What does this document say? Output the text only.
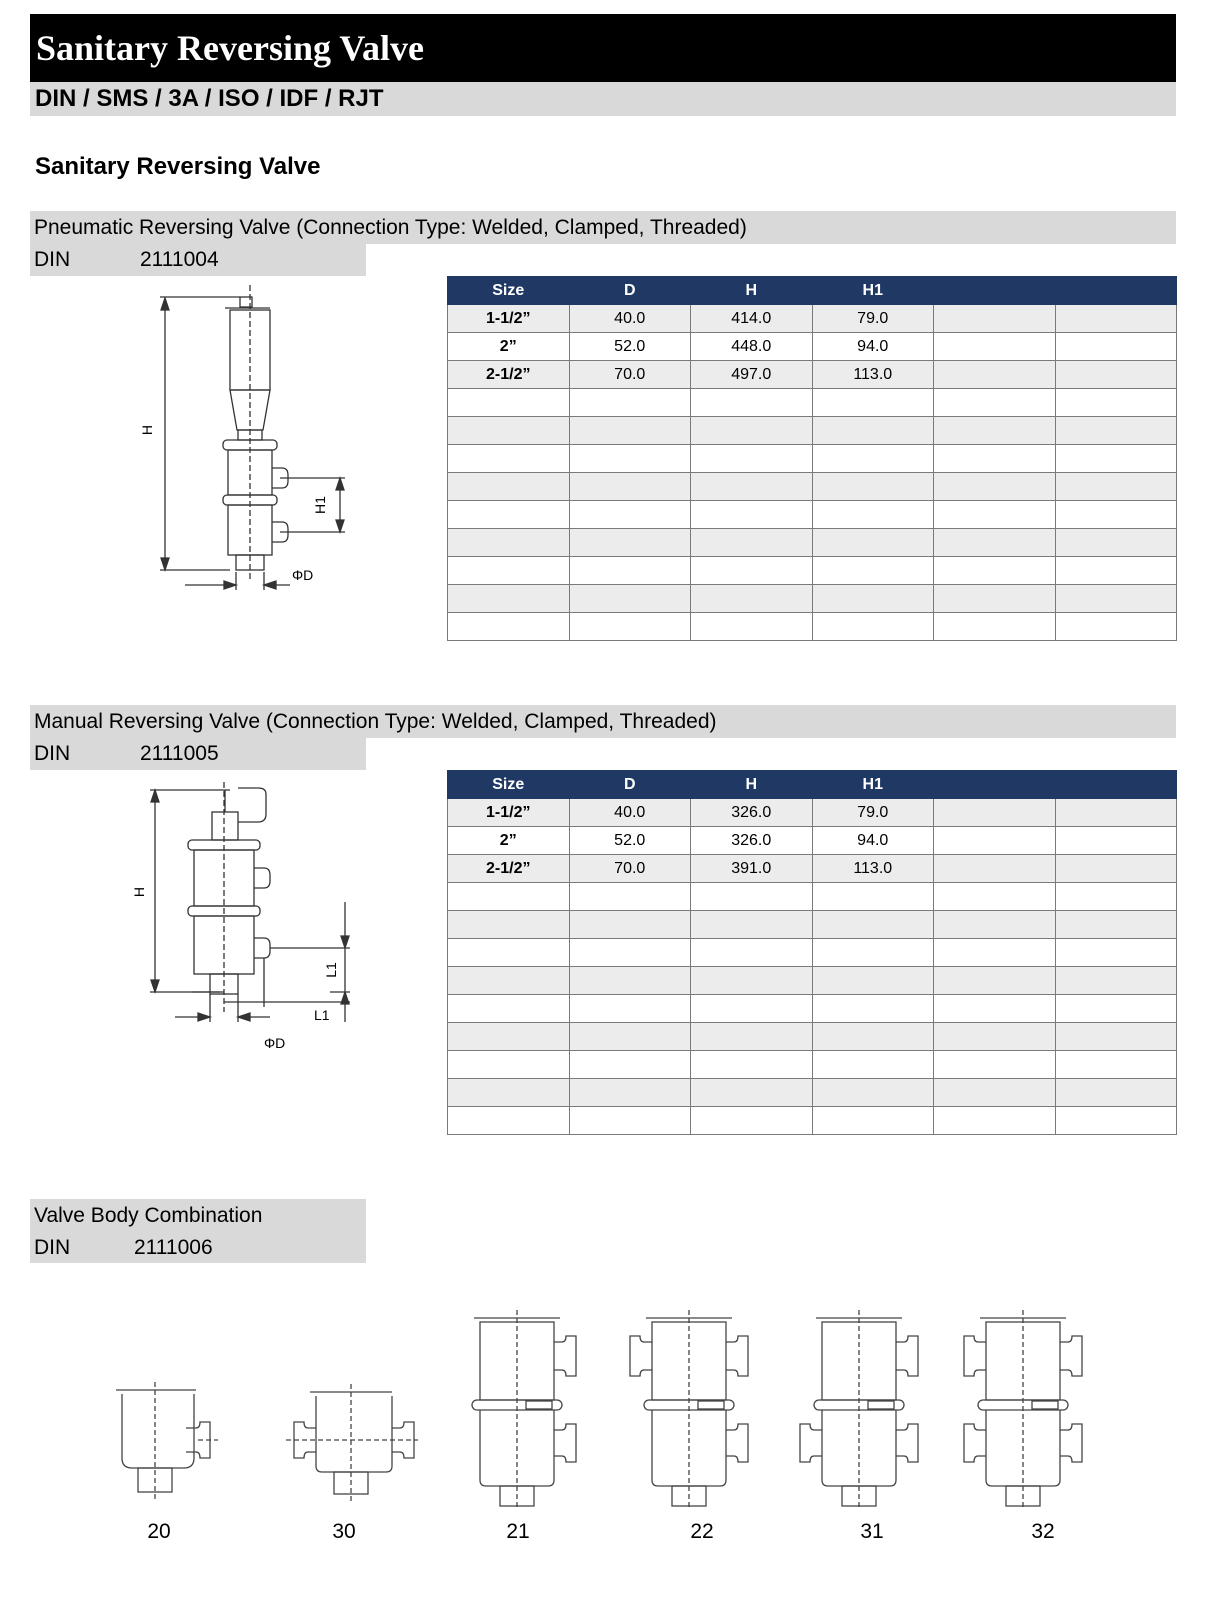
Sanitary Reversing Valve
DIN / SMS / 3A / ISO / IDF / RJT
Sanitary Reversing Valve
Pneumatic Reversing Valve (Connection Type: Welded, Clamped, Threaded)
DIN	2111004
Size	D	H	H1		
1-1/2”	40.0	414.0	79.0		
2”	52.0	448.0	94.0		
2-1/2”	70.0	497.0	113.0		

H
H1
ΦD
Manual Reversing Valve (Connection Type: Welded, Clamped, Threaded)
DIN	2111005
Size	D	H	H1		
1-1/2”	40.0	326.0	79.0		
2”	52.0	326.0	94.0		
2-1/2”	70.0	391.0	113.0		

H
L1
L1
ΦD
Valve Body Combination
DIN	2111006
20	30	21	22	31	32
